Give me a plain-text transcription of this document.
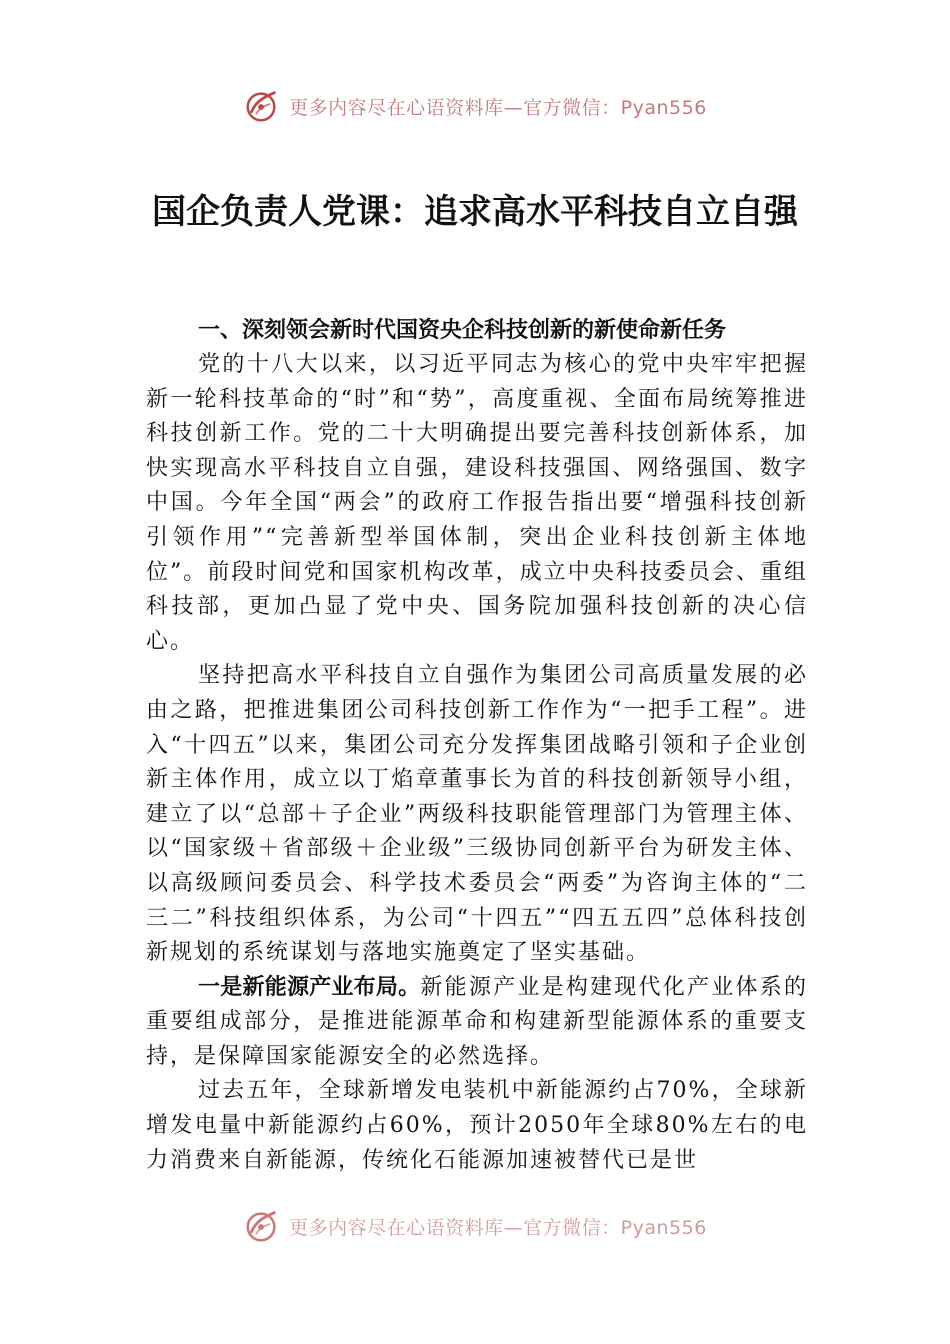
更多内容尽在心语资料库—官方微信：Pyan556
国企负责人党课：追求高水平科技自立自强
一、深刻领会新时代国资央企科技创新的新使命新任务

党的十八大以来，以习近平同志为核心的党中央牢牢把握新一轮科技革命的“时”和“势”，高度重视、全面布局统筹推进科技创新工作。党的二十大明确提出要完善科技创新体系，加快实现高水平科技自立自强，建设科技强国、网络强国、数字中国。今年全国“两会”的政府工作报告指出要“增强科技创新引领作用”“完善新型举国体制，突出企业科技创新主体地位”。前段时间党和国家机构改革，成立中央科技委员会、重组科技部，更加凸显了党中央、国务院加强科技创新的决心信心。

坚持把高水平科技自立自强作为集团公司高质量发展的必由之路，把推进集团公司科技创新工作作为“一把手工程”。进入“十四五”以来，集团公司充分发挥集团战略引领和子企业创新主体作用，成立以丁焰章董事长为首的科技创新领导小组，建立了以“总部＋子企业”两级科技职能管理部门为管理主体、以“国家级＋省部级＋企业级”三级协同创新平台为研发主体、以高级顾问委员会、科学技术委员会“两委”为咨询主体的“二三二”科技组织体系，为公司“十四五”“四五五四”总体科技创新规划的系统谋划与落地实施奠定了坚实基础。

一是新能源产业布局。新能源产业是构建现代化产业体系的重要组成部分，是推进能源革命和构建新型能源体系的重要支持，是保障国家能源安全的必然选择。

过去五年，全球新增发电装机中新能源约占70%，全球新增发电量中新能源约占60%，预计2050年全球80%左右的电力消费来自新能源，传统化石能源加速被替代已是世

更多内容尽在心语资料库—官方微信：Pyan556
